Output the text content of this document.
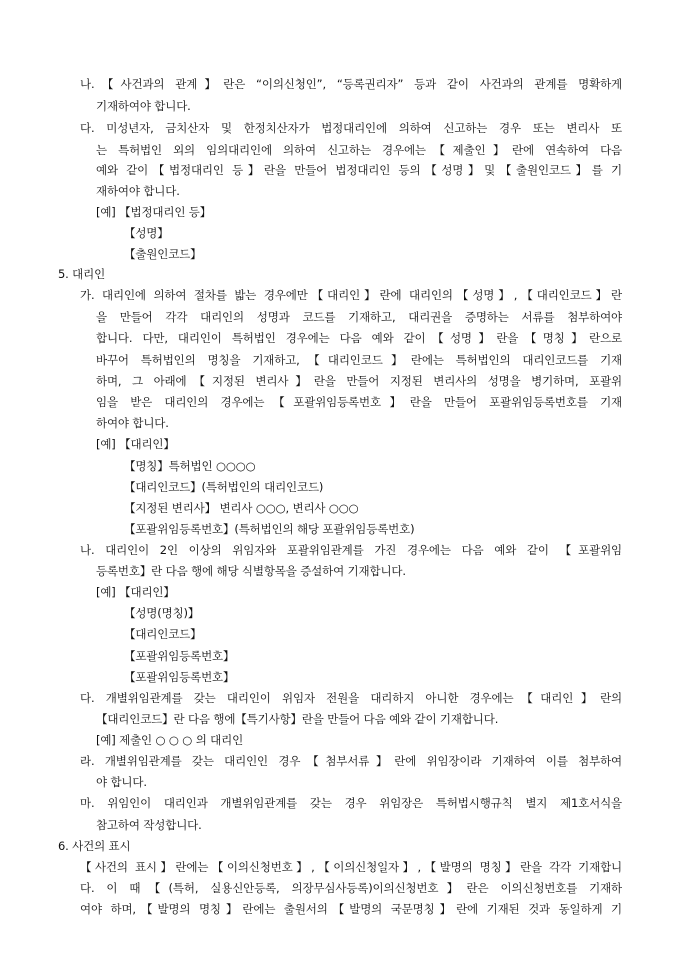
나.【사건과의 관계】란은 “이의신청인”, “등록권리자” 등과 같이 사건과의 관계를 명확하게
기재하여야 합니다.
다. 미성년자, 금치산자 및 한정치산자가 법정대리인에 의하여 신고하는 경우 또는 변리사 또
는 특허법인 외의 임의대리인에 의하여 신고하는 경우에는【제출인】란에 연속하여 다음
예와 같이【법정대리인 등】란을 만들어 법정대리인 등의【성명】및【출원인코드】를 기
재하여야 합니다.
[예] 【법정대리인 등】
【성명】
【출원인코드】
5. 대리인
가. 대리인에 의하여 절차를 밟는 경우에만【대리인】란에 대리인의【성명】,【대리인코드】란
을 만들어 각각 대리인의 성명과 코드를 기재하고, 대리권을 증명하는 서류를 첨부하여야
합니다. 다만, 대리인이 특허법인 경우에는 다음 예와 같이【성명】란을【명칭】란으로
바꾸어 특허법인의 명칭을 기재하고,【대리인코드】란에는 특허법인의 대리인코드를 기재
하며, 그 아래에【지정된 변리사】란을 만들어 지정된 변리사의 성명을 병기하며, 포괄위
임을 받은 대리인의 경우에는【포괄위임등록번호】란을 만들어 포괄위임등록번호를 기재
하여야 합니다.
[예] 【대리인】
【명칭】특허법인 ○○○○
【대리인코드】(특허법인의 대리인코드)
【지정된 변리사】 변리사 ○○○, 변리사 ○○○
【포괄위임등록번호】(특허법인의 해당 포괄위임등록번호)
나. 대리인이 2인 이상의 위임자와 포괄위임관계를 가진 경우에는 다음 예와 같이 【포괄위임
등록번호】란 다음 행에 해당 식별항목을 증설하여 기재합니다.
[예] 【대리인】
【성명(명칭)】
【대리인코드】
【포괄위임등록번호】
【포괄위임등록번호】
다. 개별위임관계를 갖는 대리인이 위임자 전원을 대리하지 아니한 경우에는【대리인】란의
【대리인코드】란 다음 행에【특기사항】란을 만들어 다음 예와 같이 기재합니다.
[예] 제출인 ○ ○ ○ 의 대리인
라. 개별위임관계를 갖는 대리인인 경우【첨부서류】란에 위임장이라 기재하여 이를 첨부하여
야 합니다.
마. 위임인이 대리인과 개별위임관계를 갖는 경우 위임장은 특허법시행규칙 별지 제1호서식을
참고하여 작성합니다.
6. 사건의 표시
【사건의 표시】란에는【이의신청번호】,【이의신청일자】,【발명의 명칭】란을 각각 기재합니
다. 이 때【(특허, 실용신안등록, 의장무심사등록)이의신청번호】란은 이의신청번호를 기재하
여야 하며,【발명의 명칭】란에는 출원서의【발명의 국문명칭】란에 기재된 것과 동일하게 기
